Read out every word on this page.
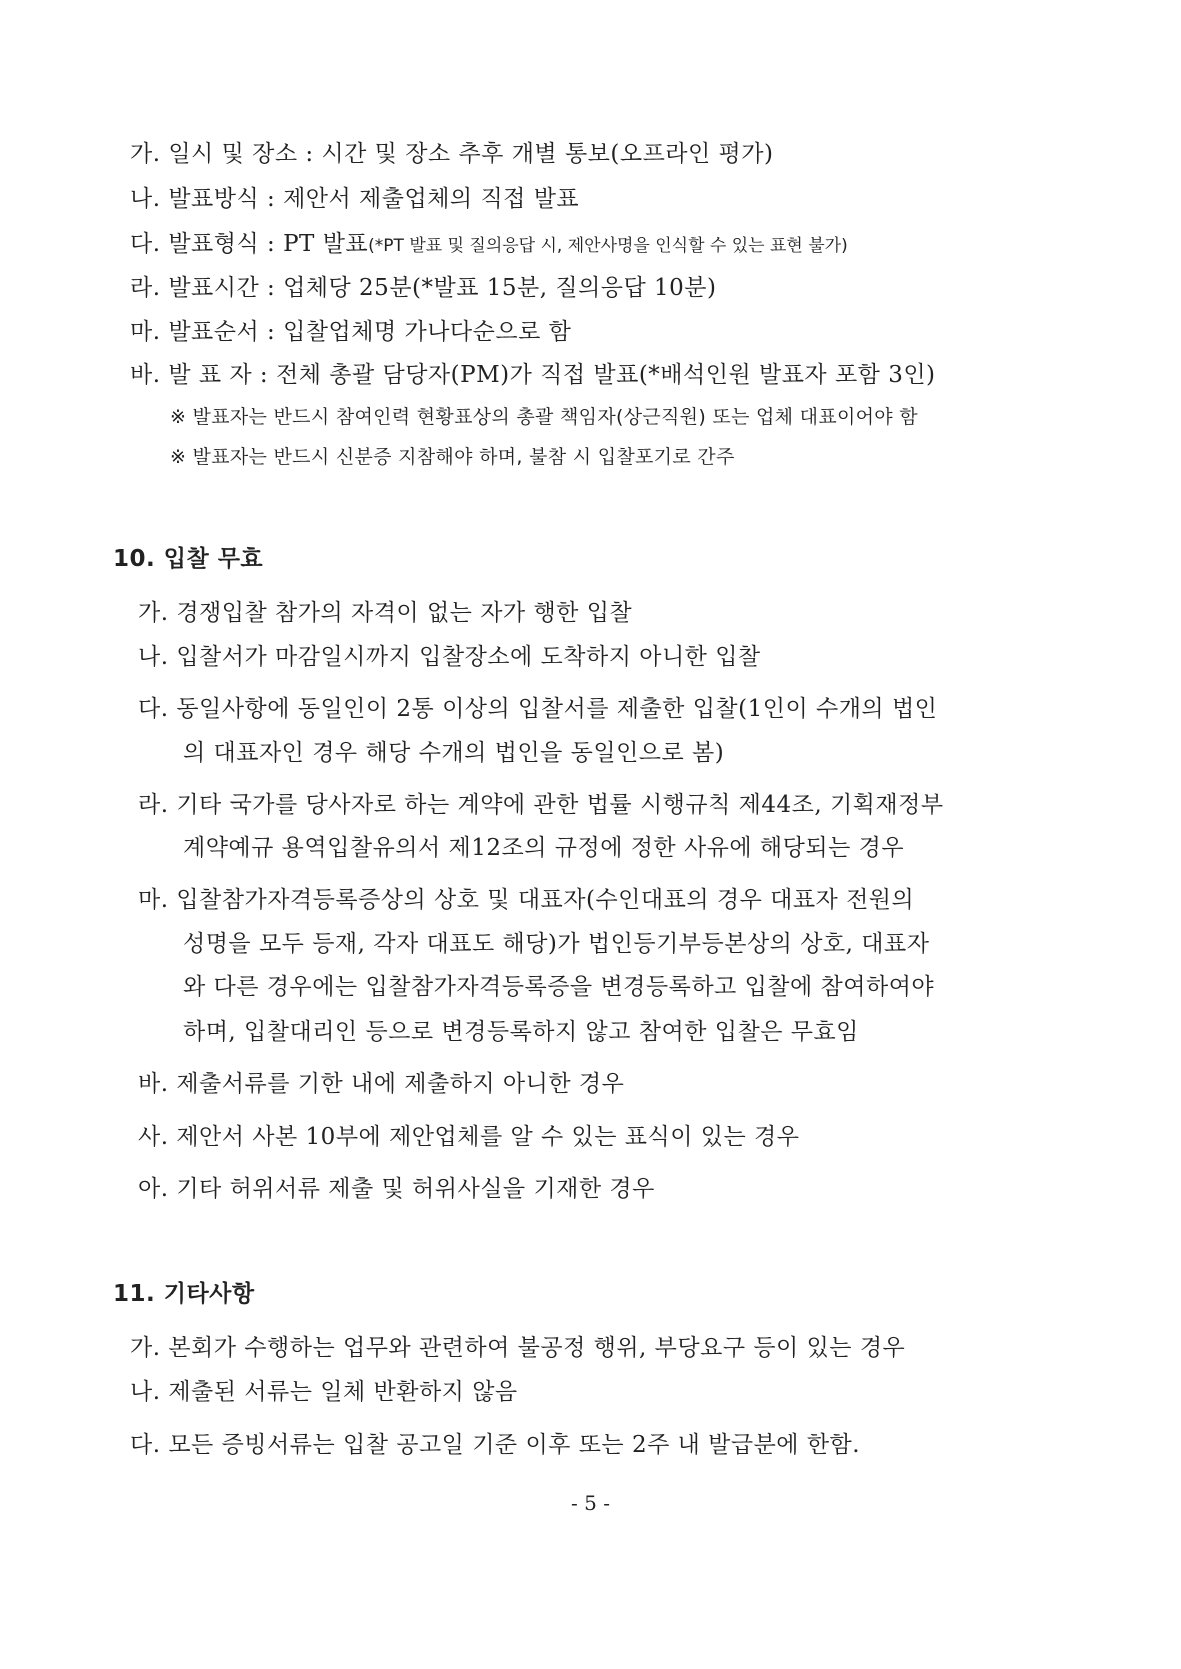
가. 일시 및 장소 : 시간 및 장소 추후 개별 통보(오프라인 평가)
나. 발표방식 : 제안서 제출업체의 직접 발표
다. 발표형식 : PT 발표(*PT 발표 및 질의응답 시, 제안사명을 인식할 수 있는 표현 불가)
라. 발표시간 : 업체당 25분(*발표 15분, 질의응답 10분)
마. 발표순서 : 입찰업체명 가나다순으로 함
바. 발 표 자 : 전체 총괄 담당자(PM)가 직접 발표(*배석인원 발표자 포함 3인)
※ 발표자는 반드시 참여인력 현황표상의 총괄 책임자(상근직원) 또는 업체 대표이어야 함
※ 발표자는 반드시 신분증 지참해야 하며, 불참 시 입찰포기로 간주
10. 입찰 무효
가. 경쟁입찰 참가의 자격이 없는 자가 행한 입찰
나. 입찰서가 마감일시까지 입찰장소에 도착하지 아니한 입찰
다. 동일사항에 동일인이 2통 이상의 입찰서를 제출한 입찰(1인이 수개의 법인
의 대표자인 경우 해당 수개의 법인을 동일인으로 봄)
라. 기타 국가를 당사자로 하는 계약에 관한 법률 시행규칙 제44조, 기획재정부
계약예규 용역입찰유의서 제12조의 규정에 정한 사유에 해당되는 경우
마. 입찰참가자격등록증상의 상호 및 대표자(수인대표의 경우 대표자 전원의
성명을 모두 등재, 각자 대표도 해당)가 법인등기부등본상의 상호, 대표자
와 다른 경우에는 입찰참가자격등록증을 변경등록하고 입찰에 참여하여야
하며, 입찰대리인 등으로 변경등록하지 않고 참여한 입찰은 무효임
바. 제출서류를 기한 내에 제출하지 아니한 경우
사. 제안서 사본 10부에 제안업체를 알 수 있는 표식이 있는 경우
아. 기타 허위서류 제출 및 허위사실을 기재한 경우
11. 기타사항
가. 본회가 수행하는 업무와 관련하여 불공정 행위, 부당요구 등이 있는 경우
나. 제출된 서류는 일체 반환하지 않음
다. 모든 증빙서류는 입찰 공고일 기준 이후 또는 2주 내 발급분에 한함.
- 5 -
